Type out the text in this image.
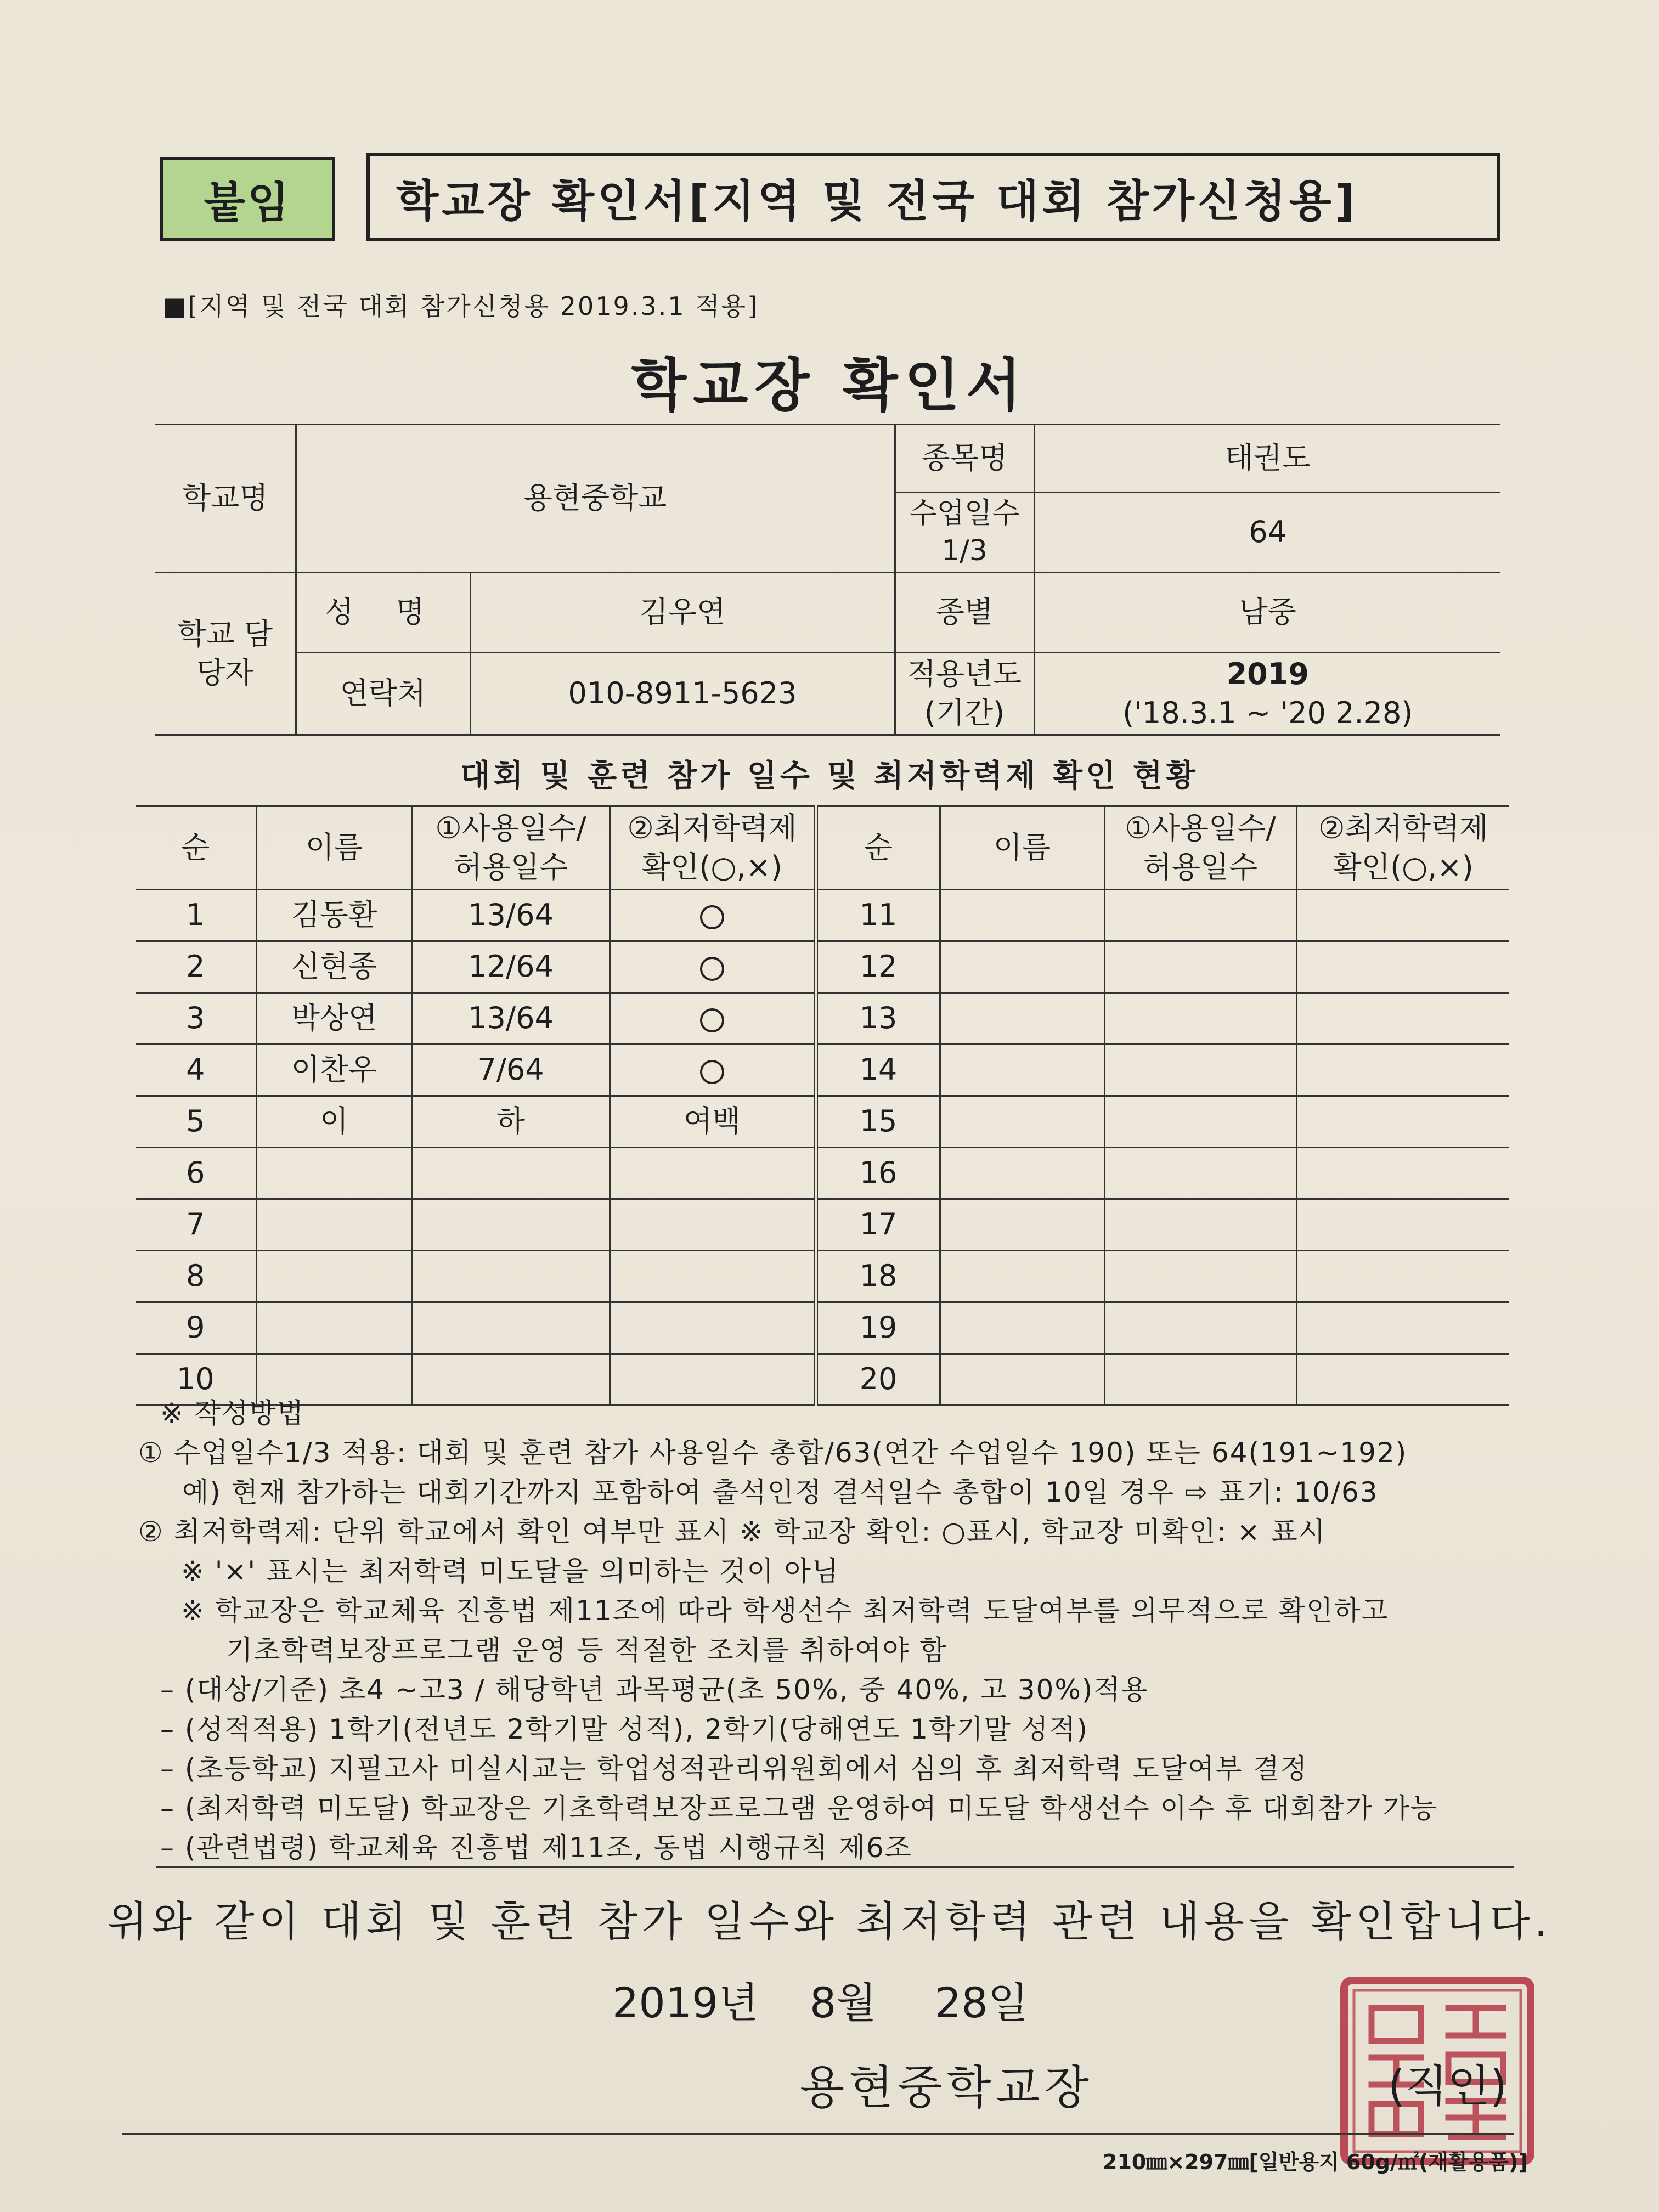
붙임	학교장 확인서[지역 및 전국 대회 참가신청용]
■[지역 및 전국 대회 참가신청용 2019.3.1 적용]
학교장 확인서
학교명	용현중학교		종목명	태권도
			수업일수 1/3	64
학교 담당자	성 명	김우연	종별	남중
	연락처	010-8911-5623	적용년도 (기간)	2019
('18.3.1 ~ '20 2.28)
대회 및 훈련 참가 일수 및 최저학력제 확인 현황
순	이름	①사용일수/ 허용일수	②최저학력제 확인(○,×)	순	이름	①사용일수/ 허용일수	②최저학력제 확인(○,×)
1	김동환	13/64		11			
2	신현종	12/64		12			
3	박상연	13/64		13			
4	이찬우	7/64		14			
5	이	하	여백	15			
6				16			
7				17			
8				18			
9				19			
10				20			
※ 작성방법
① 수업일수1/3 적용: 대회 및 훈련 참가 사용일수 총합/63(연간 수업일수 190) 또는 64(191~192)
예) 현재 참가하는 대회기간까지 포함하여 출석인정 결석일수 총합이 10일 경우 ⇨ 표기: 10/63
② 최저학력제: 단위 학교에서 확인 여부만 표시 ※ 학교장 확인: ○표시, 학교장 미확인: × 표시
※ '×' 표시는 최저학력 미도달을 의미하는 것이 아님
※ 학교장은 학교체육 진흥법 제11조에 따라 학생선수 최저학력 도달여부를 의무적으로 확인하고
기초학력보장프로그램 운영 등 적절한 조치를 취하여야 함
– (대상/기준) 초4 ~고3 / 해당학년 과목평균(초 50%, 중 40%, 고 30%)적용
– (성적적용) 1학기(전년도 2학기말 성적), 2학기(당해연도 1학기말 성적)
– (초등학교) 지필고사 미실시교는 학업성적관리위원회에서 심의 후 최저학력 도달여부 결정
– (최저학력 미도달) 학교장은 기초학력보장프로그램 운영하여 미도달 학생선수 이수 후 대회참가 가능
– (관련법령) 학교체육 진흥법 제11조, 동법 시행규칙 제6조
위와 같이 대회 및 훈련 참가 일수와 최저학력 관련 내용을 확인합니다.
2019년 8월 28일
용현중학교장	(직인)
210㎜×297㎜[일반용지 60g/㎡(재활용품)]
